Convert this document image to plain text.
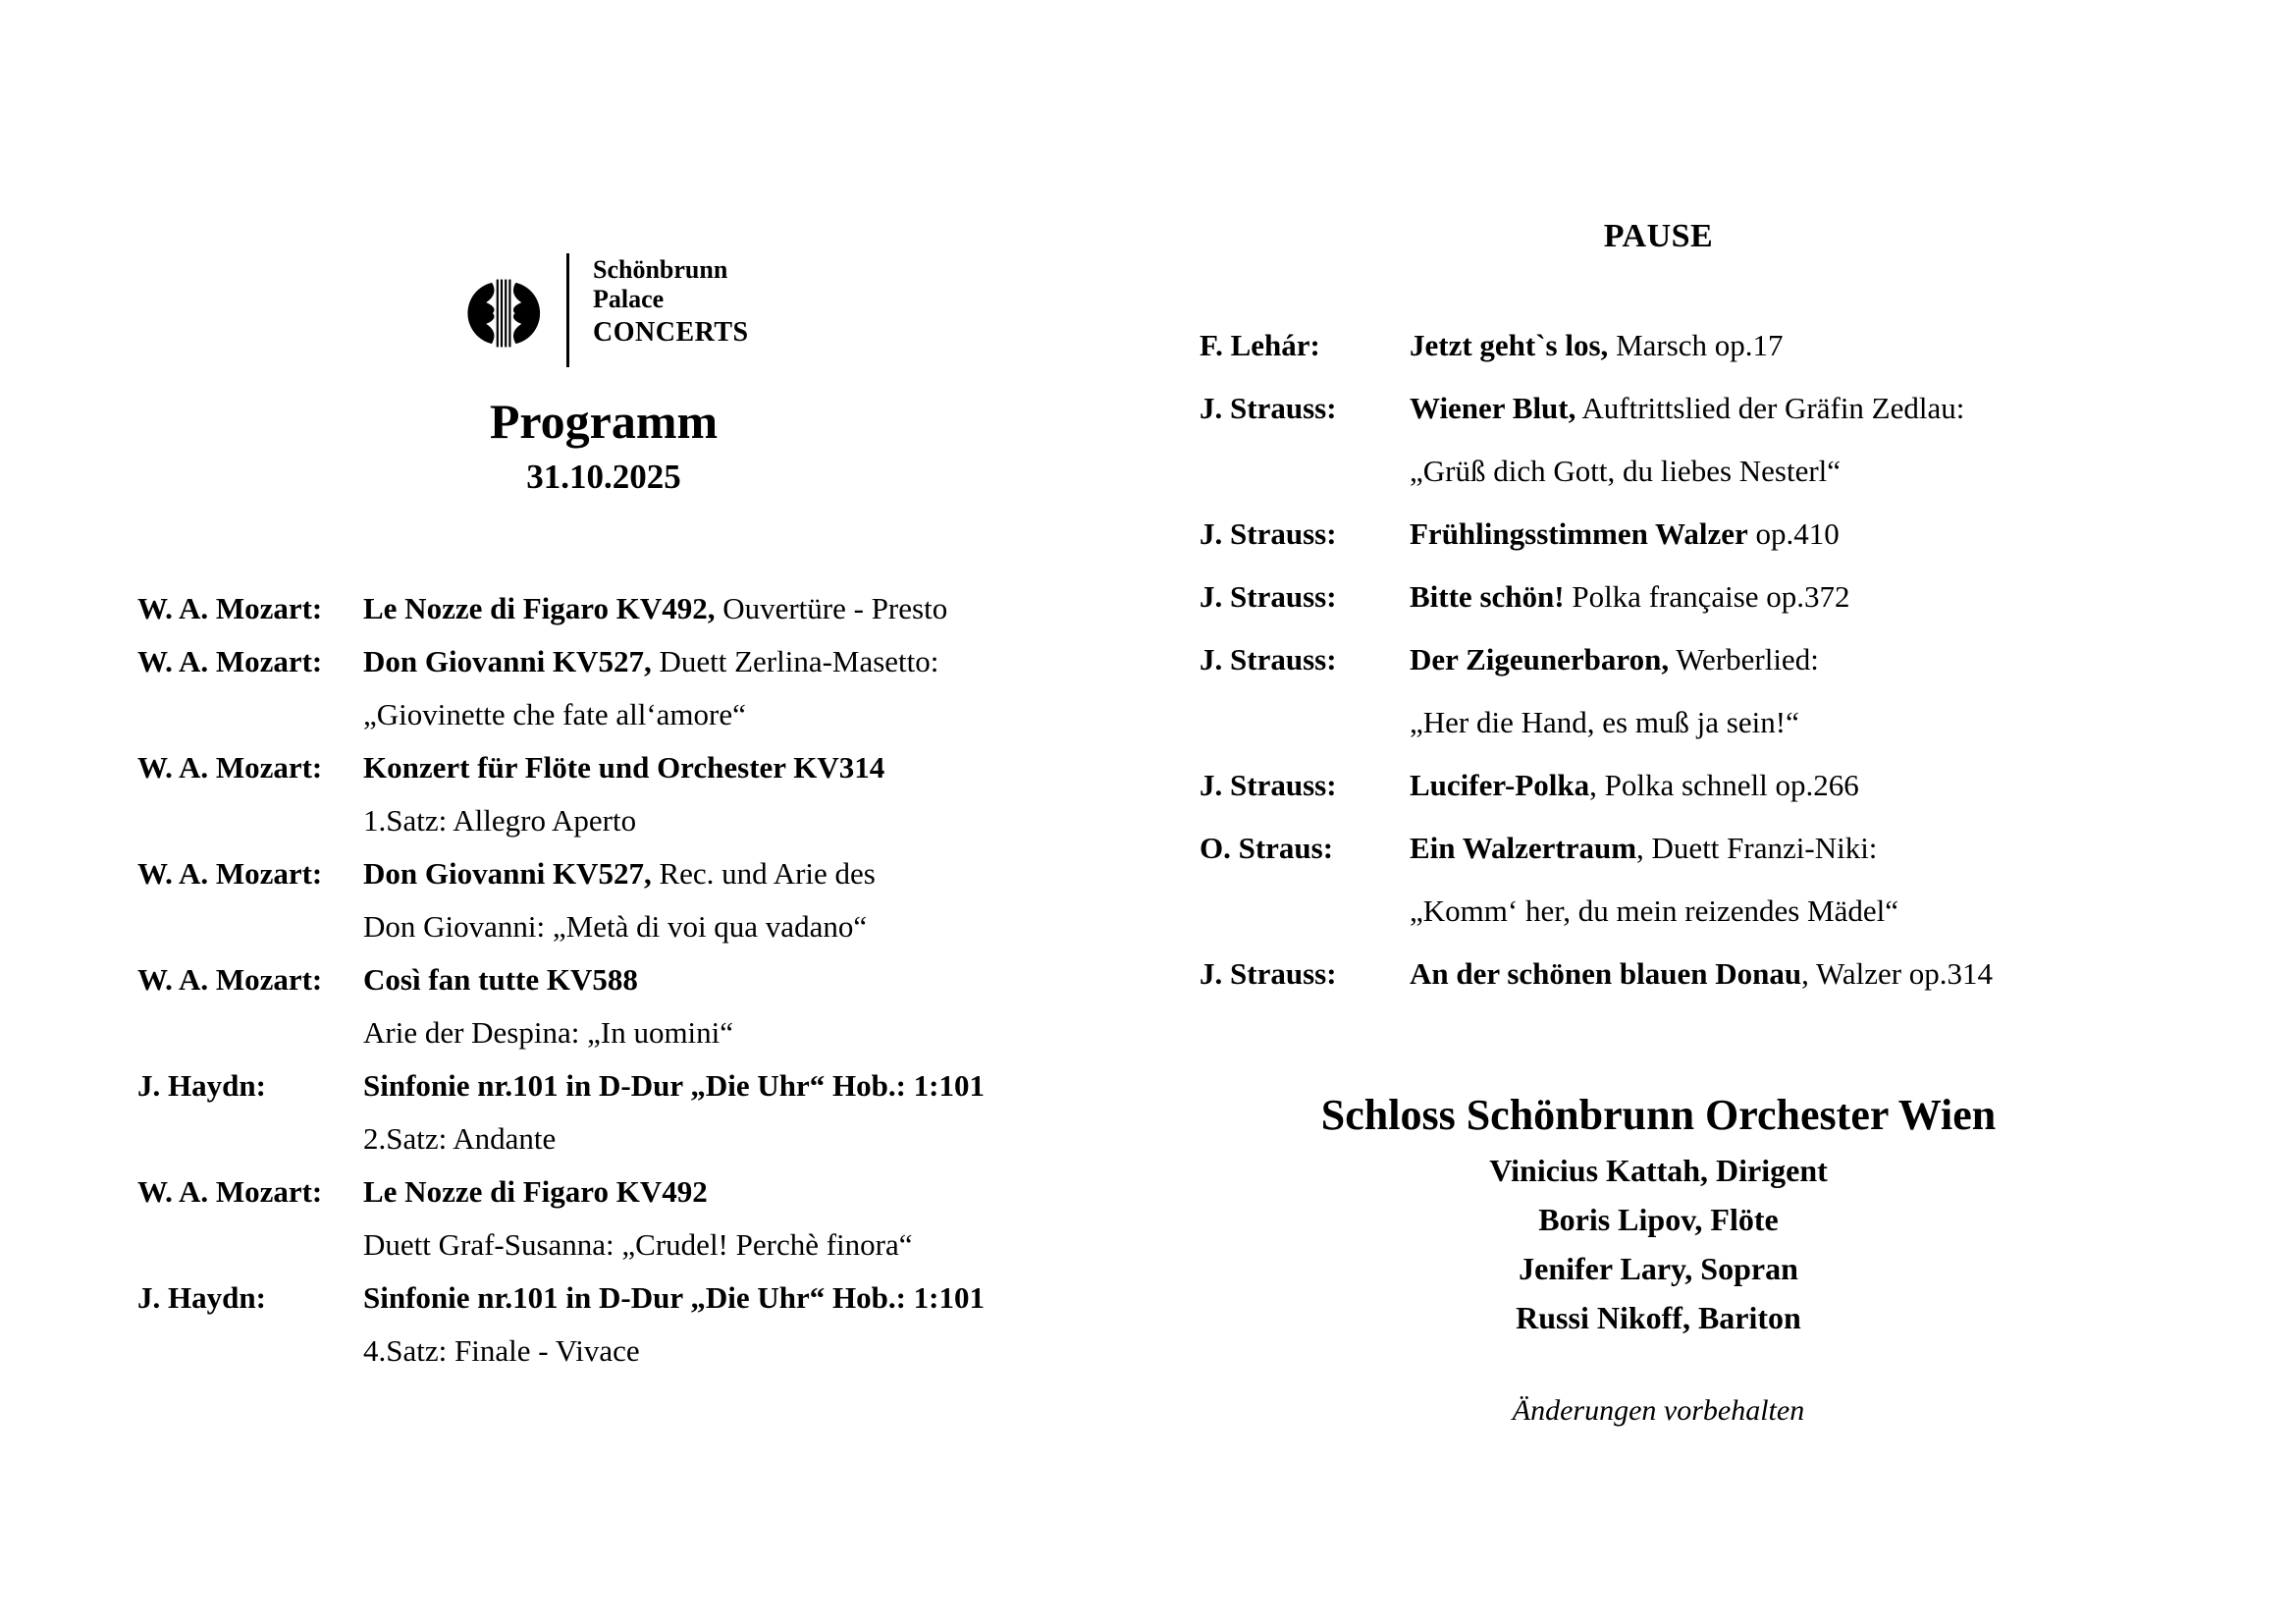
Schönbrunn
Palace
CONCERTS
Programm
31.10.2025
W. A. Mozart:	Le Nozze di Figaro KV492, Ouvertüre - Presto
W. A. Mozart:	Don Giovanni KV527, Duett Zerlina-Masetto:
„Giovinette che fate all‘amore“
W. A. Mozart:	Konzert für Flöte und Orchester KV314
1.Satz: Allegro Aperto
W. A. Mozart:	Don Giovanni KV527, Rec. und Arie des
Don Giovanni: „Metà di voi qua vadano“
W. A. Mozart:	Così fan tutte KV588
Arie der Despina: „In uomini“
J. Haydn:	Sinfonie nr.101 in D-Dur „Die Uhr“ Hob.: 1:101
2.Satz: Andante
W. A. Mozart:	Le Nozze di Figaro KV492
Duett Graf-Susanna: „Crudel! Perchè finora“
J. Haydn:	Sinfonie nr.101 in D-Dur „Die Uhr“ Hob.: 1:101
4.Satz: Finale - Vivace
PAUSE
F. Lehár:	Jetzt geht`s los, Marsch op.17
J. Strauss:	Wiener Blut, Auftrittslied der Gräfin Zedlau:
„Grüß dich Gott, du liebes Nesterl“
J. Strauss:	Frühlingsstimmen Walzer op.410
J. Strauss:	Bitte schön! Polka française op.372
J. Strauss:	Der Zigeunerbaron, Werberlied:
„Her die Hand, es muß ja sein!“
J. Strauss:	Lucifer-Polka, Polka schnell op.266
O. Straus:	Ein Walzertraum, Duett Franzi-Niki:
„Komm‘ her, du mein reizendes Mädel“
J. Strauss:	An der schönen blauen Donau, Walzer op.314
Schloss Schönbrunn Orchester Wien
Vinicius Kattah, Dirigent
Boris Lipov, Flöte
Jenifer Lary, Sopran
Russi Nikoff, Bariton
Änderungen vorbehalten
